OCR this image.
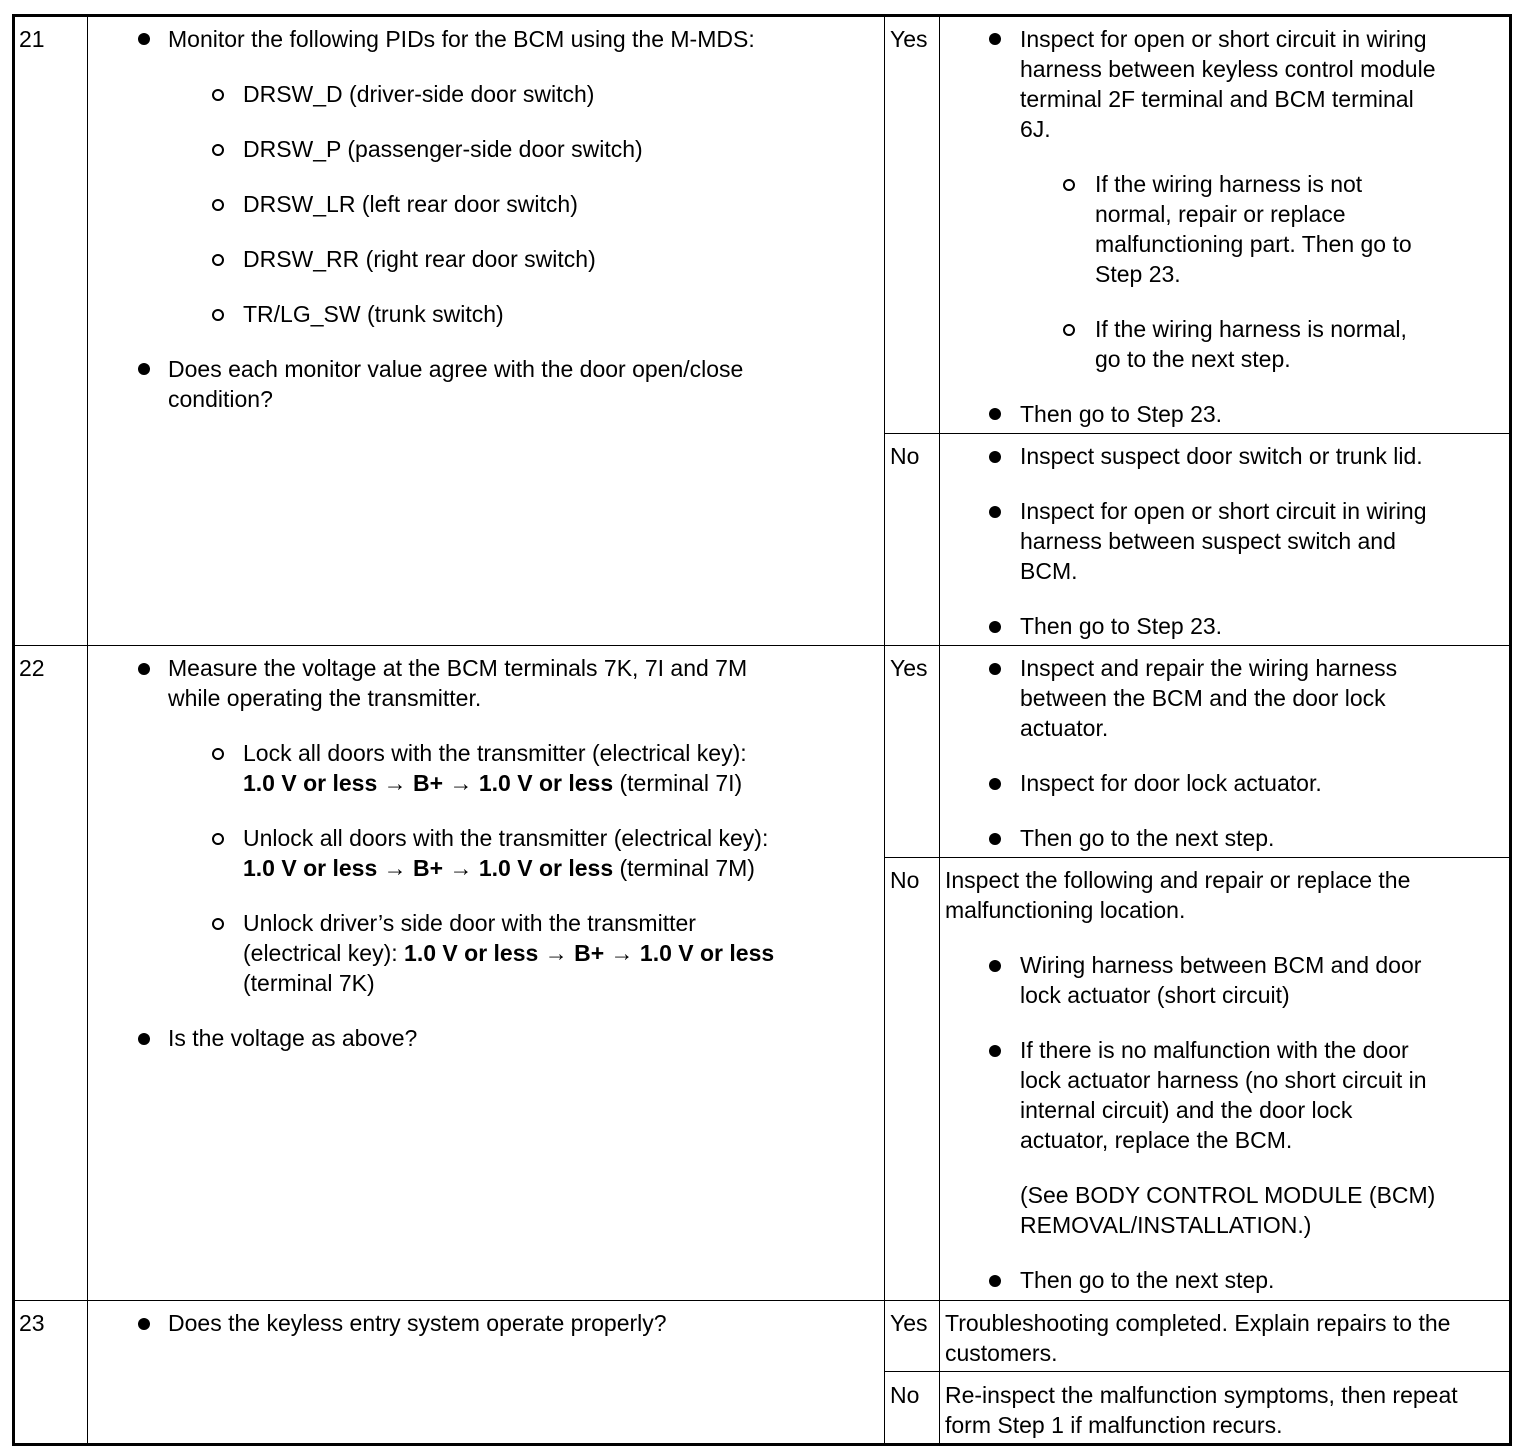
21	Monitor the following PIDs for the BCM using the M-MDS:
DRSW_D (driver-side door switch)
DRSW_P (passenger-side door switch)
DRSW_LR (left rear door switch)
DRSW_RR (right rear door switch)
TR/LG_SW (trunk switch)
Does each monitor value agree with the door open/close
condition?
Yes	Inspect for open or short circuit in wiring
harness between keyless control module
terminal 2F terminal and BCM terminal
6J.
If the wiring harness is not
normal, repair or replace
malfunctioning part. Then go to
Step 23.
If the wiring harness is normal,
go to the next step.
Then go to Step 23.
No	Inspect suspect door switch or trunk lid.
Inspect for open or short circuit in wiring
harness between suspect switch and
BCM.
Then go to Step 23.
22	Measure the voltage at the BCM terminals 7K, 7I and 7M
while operating the transmitter.
Lock all doors with the transmitter (electrical key):
1.0 V or less → B+ → 1.0 V or less (terminal 7I)
Unlock all doors with the transmitter (electrical key):
1.0 V or less → B+ → 1.0 V or less (terminal 7M)
Unlock driver’s side door with the transmitter
(electrical key): 1.0 V or less → B+ → 1.0 V or less
(terminal 7K)
Is the voltage as above?
Yes	Inspect and repair the wiring harness
between the BCM and the door lock
actuator.
Inspect for door lock actuator.
Then go to the next step.
No Inspect the following and repair or replace the
malfunctioning location.
Wiring harness between BCM and door
lock actuator (short circuit)
If there is no malfunction with the door
lock actuator harness (no short circuit in
internal circuit) and the door lock
actuator, replace the BCM.
(See BODY CONTROL MODULE (BCM)
REMOVAL/INSTALLATION.)
Then go to the next step.
23	Does the keyless entry system operate properly?	Yes Troubleshooting completed. Explain repairs to the
customers.
No Re-inspect the malfunction symptoms, then repeat
form Step 1 if malfunction recurs.
